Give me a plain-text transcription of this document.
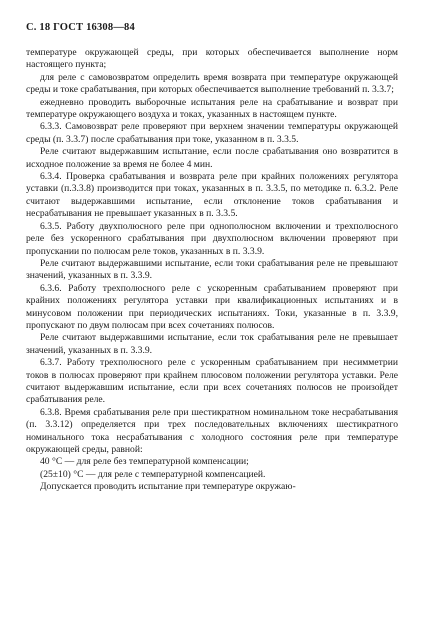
С. 18 ГОСТ 16308—84

температуре окружающей среды, при которых обеспечивается выполнение норм настоящего пункта;

для реле с самовозвратом определить время возврата при температуре окружающей среды и токе срабатывания, при которых обеспечивается выполнение требований п. 3.3.7;

ежедневно проводить выборочные испытания реле на срабатывание и возврат при температуре окружающего воздуха и токах, указанных в настоящем пункте.

6.3.3. Самовозврат реле проверяют при верхнем значении температуры окружающей среды (п. 3.3.7) после срабатывания при токе, указанном в п. 3.3.5.

Реле считают выдержавшим испытание, если после срабатывания оно возвратится в исходное положение за время не более 4 мин.

6.3.4. Проверка срабатывания и возврата реле при крайних положениях регулятора уставки (п.3.3.8) производится при токах, указанных в п. 3.3.5, по методике п. 6.3.2. Реле считают выдержавшими испытание, если отклонение токов срабатывания и несрабатывания не превышает указанных в п. 3.3.5.

6.3.5. Работу двухполюсного реле при однополюсном включении и трехполюсного реле без ускоренного срабатывания при двухполюсном включении проверяют при пропускании по полюсам реле токов, указанных в п. 3.3.9.

Реле считают выдержавшими испытание, если токи срабатывания реле не превышают значений, указанных в п. 3.3.9.

6.3.6. Работу трехполюсного реле с ускоренным срабатыванием проверяют при крайних положениях регулятора уставки при квалификационных испытаниях и в минусовом положении при периодических испытаниях. Токи, указанные в п. 3.3.9, пропускают по двум полюсам при всех сочетаниях полюсов.

Реле считают выдержавшими испытание, если ток срабатывания реле не превышает значений, указанных в п. 3.3.9.

6.3.7. Работу трехполюсного реле с ускоренным срабатыванием при несимметрии токов в полюсах проверяют при крайнем плюсовом положении регулятора уставки. Реле считают выдержавшим испытание, если при всех сочетаниях полюсов не произойдет срабатывания реле.

6.3.8. Время срабатывания реле при шестикратном номинальном токе несрабатывания (п. 3.3.12) определяется при трех последовательных включениях шестикратного номинального тока несрабатывания с холодного состояния реле при температуре окружающей среды, равной:

40 °С — для реле без температурной компенсации;

(25±10) °С — для реле с температурной компенсацией.

Допускается проводить испытание при температуре окружаю-
